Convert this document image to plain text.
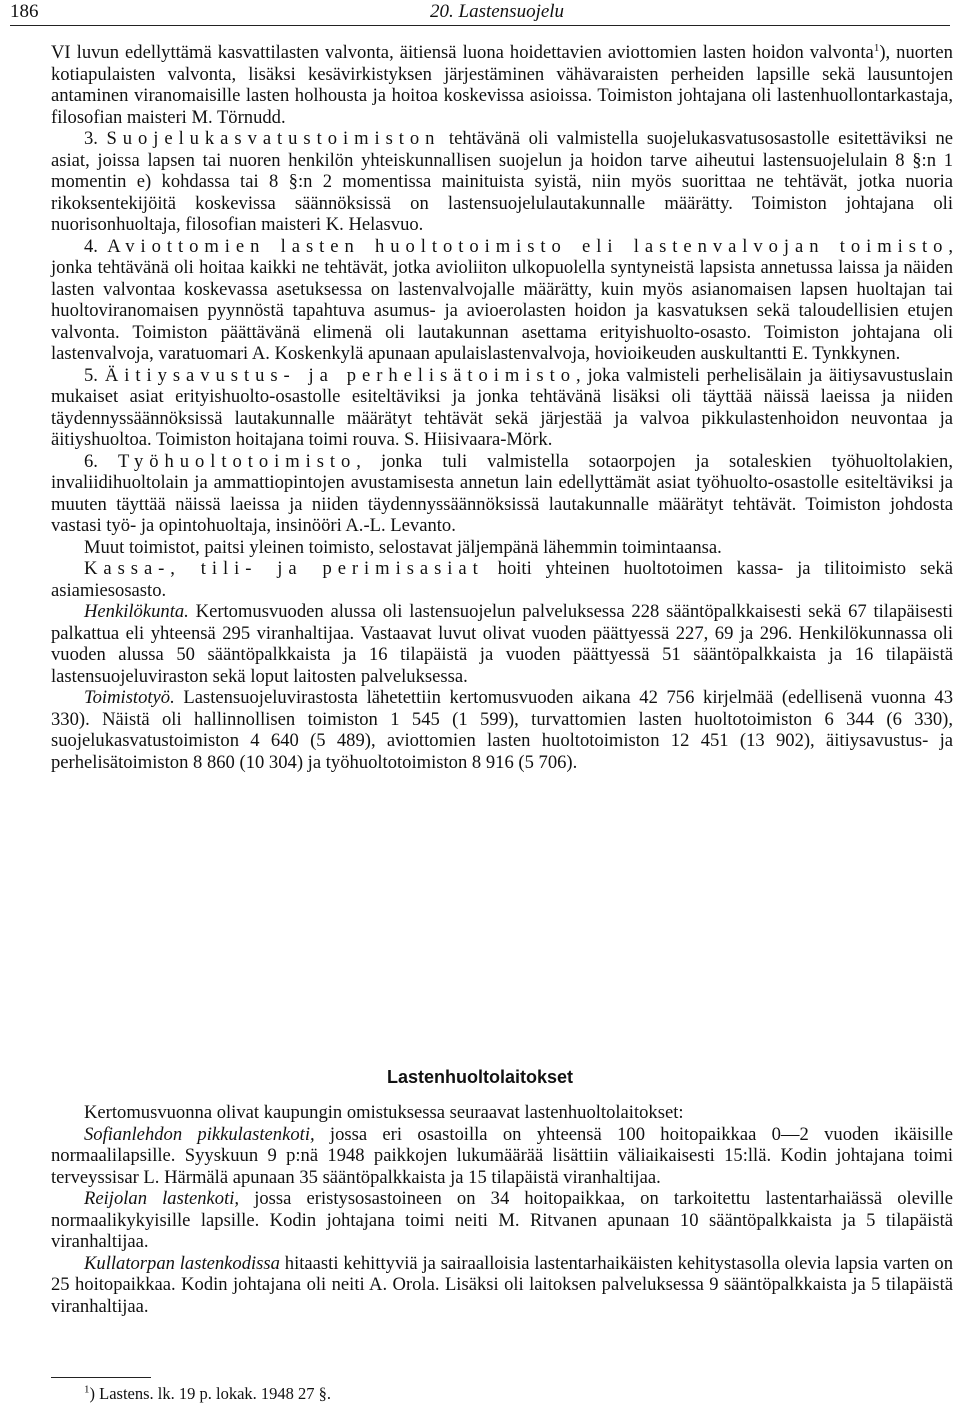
186	20. Lastensuojelu

VI luvun edellyttämä kasvattilasten valvonta, äitiensä luona hoidettavien aviottomien lasten hoidon valvonta$^1$), nuorten kotiapulaisten valvonta, lisäksi kesävirkistyksen järjestäminen vähävaraisten perheiden lapsille sekä lausuntojen antaminen viranomaisille lasten holhousta ja hoitoa koskevissa asioissa. Toimiston johtajana oli lastenhuollontarkastaja, filosofian maisteri M. Törnudd.

3. Suojelukasvatustoimiston tehtävänä oli valmistella suojelukasvatusosastolle esitettäviksi ne asiat, joissa lapsen tai nuoren henkilön yhteiskunnallisen suojelun ja hoidon tarve aiheutui lastensuojelulain 8 §:n 1 momentin e) kohdassa tai 8 §:n 2 momentissa mainituista syistä, niin myös suorittaa ne tehtävät, jotka nuoria rikoksentekijöitä koskevissa säännöksissä on lastensuojelulautakunnalle määrätty. Toimiston johtajana oli nuorisonhuoltaja, filosofian maisteri K. Helasvuo.

4. Aviottomien lasten huoltotoimisto eli lastenvalvojan toimisto, jonka tehtävänä oli hoitaa kaikki ne tehtävät, jotka avioliiton ulkopuolella syntyneistä lapsista annetussa laissa ja näiden lasten valvontaa koskevassa asetuksessa on lastenvalvojalle määrätty, kuin myös asianomaisen lapsen huoltajan tai huoltoviranomaisen pyynnöstä tapahtuva asumus- ja avioerolasten hoidon ja kasvatuksen sekä taloudellisien etujen valvonta. Toimiston päättävänä elimenä oli lautakunnan asettama erityishuolto-osasto. Toimiston johtajana oli lastenvalvoja, varatuomari A. Koskenkylä apunaan apulaislastenvalvoja, hovioikeuden auskultantti E. Tynkkynen.

5. Äitiysavustus- ja perhelisätoimisto, joka valmisteli perhelisälain ja äitiysavustuslain mukaiset asiat erityishuolto-osastolle esiteltäviksi ja jonka tehtävänä lisäksi oli täyttää näissä laeissa ja niiden täydennyssäännöksissä lautakunnalle määrätyt tehtävät sekä järjestää ja valvoa pikkulastenhoidon neuvontaa ja äitiyshuoltoa. Toimiston hoitajana toimi rouva. S. Hiisivaara-Mörk.

6. Työhuoltotoimisto, jonka tuli valmistella sotaorpojen ja sotaleskien työhuoltolakien, invaliidihuoltolain ja ammattiopintojen avustamisesta annetun lain edellyttämät asiat työhuolto-osastolle esiteltäviksi ja muuten täyttää näissä laeissa ja niiden täydennyssäännöksissä lautakunnalle määrätyt tehtävät. Toimiston johdosta vastasi työ- ja opintohuoltaja, insinööri A.-L. Levanto.

Muut toimistot, paitsi yleinen toimisto, selostavat jäljempänä lähemmin toimintaansa.

Kassa-, tili- ja perimisasiat hoiti yhteinen huoltotoimen kassa- ja tilitoimisto sekä asiamiesosasto.

Henkilökunta. Kertomusvuoden alussa oli lastensuojelun palveluksessa 228 sääntöpalkkaisesti sekä 67 tilapäisesti palkattua eli yhteensä 295 viranhaltijaa. Vastaavat luvut olivat vuoden päättyessä 227, 69 ja 296. Henkilökunnassa oli vuoden alussa 50 sääntöpalkkaista ja 16 tilapäistä ja vuoden päättyessä 51 sääntöpalkkaista ja 16 tilapäistä lastensuojeluviraston sekä loput laitosten palveluksessa.

Toimistotyö. Lastensuojeluvirastosta lähetettiin kertomusvuoden aikana 42 756 kirjelmää (edellisenä vuonna 43 330). Näistä oli hallinnollisen toimiston 1 545 (1 599), turvattomien lasten huoltotoimiston 6 344 (6 330), suojelukasvatustoimiston 4 640 (5 489), aviottomien lasten huoltotoimiston 12 451 (13 902), äitiysavustus- ja perhelisätoimiston 8 860 (10 304) ja työhuoltotoimiston 8 916 (5 706).

Lastenhuoltolaitokset

Kertomusvuonna olivat kaupungin omistuksessa seuraavat lastenhuoltolaitokset:

Sofianlehdon pikkulastenkoti, jossa eri osastoilla on yhteensä 100 hoitopaikkaa 0—2 vuoden ikäisille normaalilapsille. Syyskuun 9 p:nä 1948 paikkojen lukumäärää lisättiin väliaikaisesti 15:llä. Kodin johtajana toimi terveyssisar L. Härmälä apunaan 35 sääntöpalkkaista ja 15 tilapäistä viranhaltijaa.

Reijolan lastenkoti, jossa eristysosastoineen on 34 hoitopaikkaa, on tarkoitettu lastentarhaiässä oleville normaalikykyisille lapsille. Kodin johtajana toimi neiti M. Ritvanen apunaan 10 sääntöpalkkaista ja 5 tilapäistä viranhaltijaa.

Kullatorpan lastenkodissa hitaasti kehittyviä ja sairaalloisia lastentarhaikäisten kehitystasolla olevia lapsia varten on 25 hoitopaikkaa. Kodin johtajana oli neiti A. Orola. Lisäksi oli laitoksen palveluksessa 9 sääntöpalkkaista ja 5 tilapäistä viranhaltijaa.

$^1$) Lastens. lk. 19 p. lokak. 1948 27 §.
